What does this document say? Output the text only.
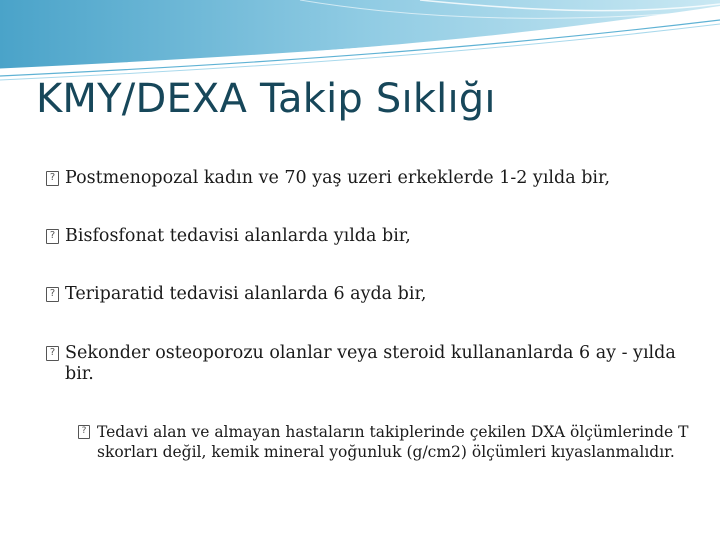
KMY/DEXA Takip Sıklığı
? Postmenopozal kadın ve 70 yaş uzeri erkeklerde 1-2 yılda bir,
? Bisfosfonat tedavisi alanlarda yılda bir,
? Teriparatid tedavisi alanlarda 6 ayda bir,
? Sekonder osteoporozu olanlar veya steroid kullananlarda 6 ay - yılda bir.
? Tedavi alan ve almayan hastaların takiplerinde çekilen DXA ölçümlerinde T skorları değil, kemik mineral yoğunluk (g/cm2) ölçümleri kıyaslanmalıdır.
